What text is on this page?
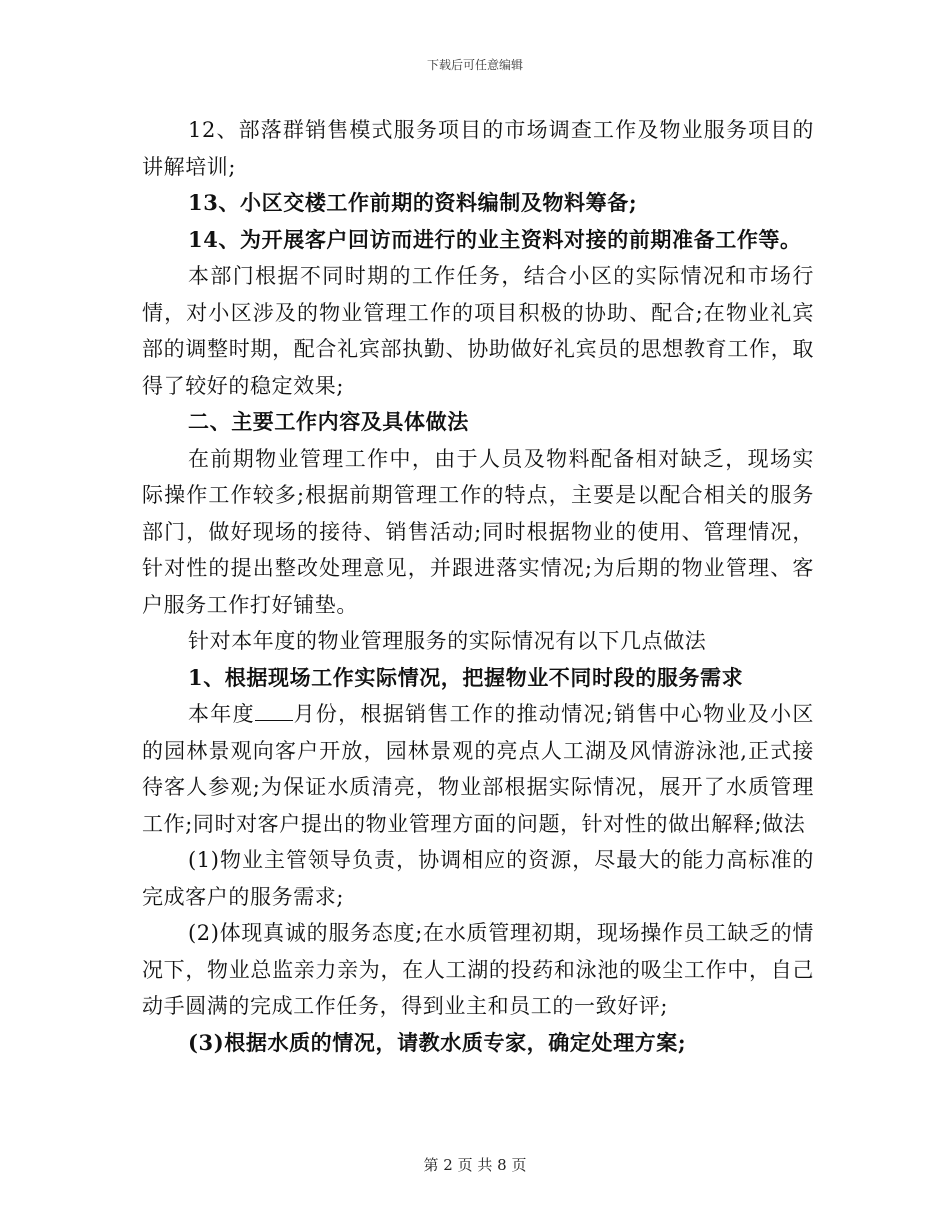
下载后可任意编辑

12、部落群销售模式服务项目的市场调查工作及物业服务项目的讲解培训;

13、小区交楼工作前期的资料编制及物料筹备;

14、为开展客户回访而进行的业主资料对接的前期准备工作等。

本部门根据不同时期的工作任务，结合小区的实际情况和市场行情，对小区涉及的物业管理工作的项目积极的协助、配合;在物业礼宾部的调整时期，配合礼宾部执勤、协助做好礼宾员的思想教育工作，取得了较好的稳定效果;

二、主要工作内容及具体做法

在前期物业管理工作中，由于人员及物料配备相对缺乏，现场实际操作工作较多;根据前期管理工作的特点，主要是以配合相关的服务部门，做好现场的接待、销售活动;同时根据物业的使用、管理情况，针对性的提出整改处理意见，并跟进落实情况;为后期的物业管理、客户服务工作打好铺垫。

针对本年度的物业管理服务的实际情况有以下几点做法

1、根据现场工作实际情况，把握物业不同时段的服务需求

本年度 月份，根据销售工作的推动情况;销售中心物业及小区的园林景观向客户开放，园林景观的亮点人工湖及风情游泳池,正式接待客人参观;为保证水质清亮，物业部根据实际情况，展开了水质管理工作;同时对客户提出的物业管理方面的问题，针对性的做出解释;做法

(1)物业主管领导负责，协调相应的资源，尽最大的能力高标准的完成客户的服务需求;

(2)体现真诚的服务态度;在水质管理初期，现场操作员工缺乏的情况下，物业总监亲力亲为，在人工湖的投药和泳池的吸尘工作中，自己动手圆满的完成工作任务，得到业主和员工的一致好评;

(3)根据水质的情况，请教水质专家，确定处理方案;

第 2 页 共 8 页
